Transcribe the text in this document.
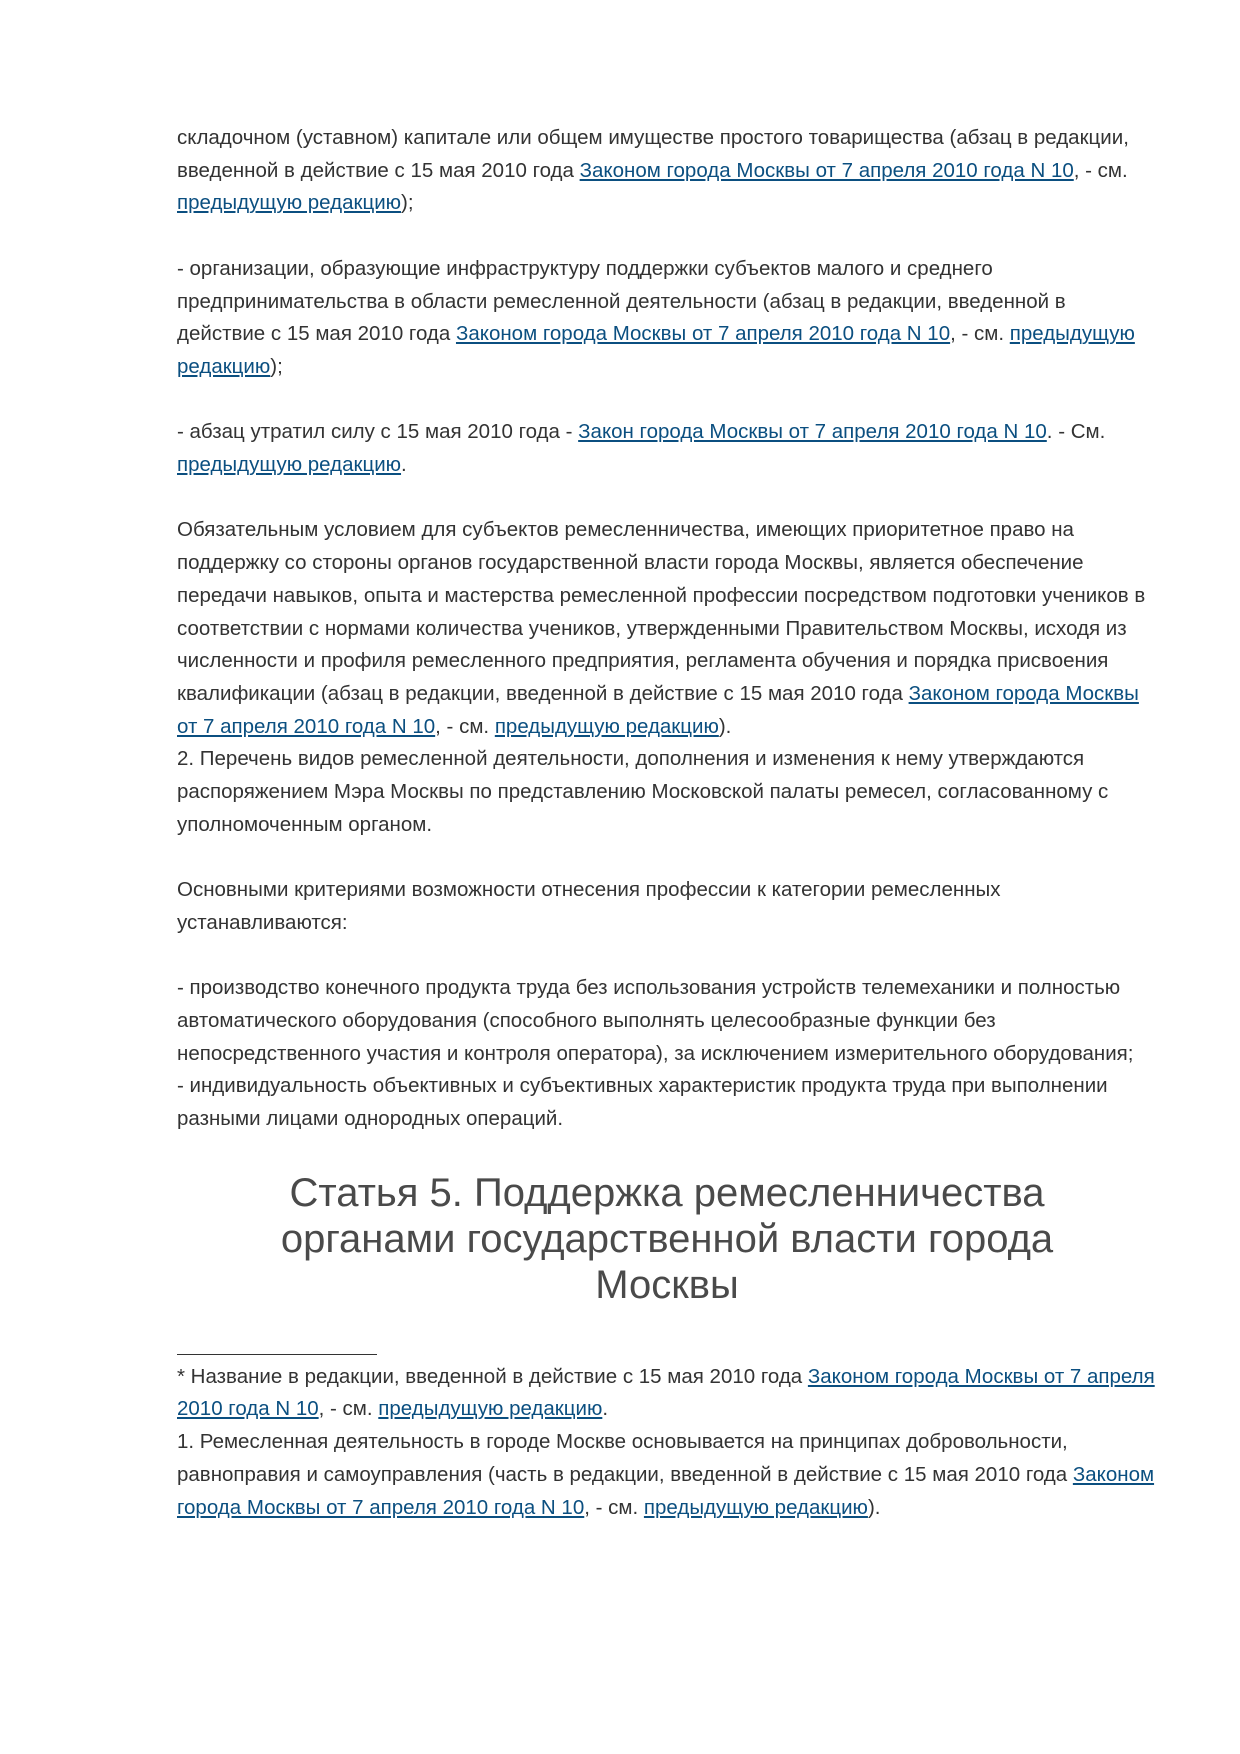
складочном (уставном) капитале или общем имуществе простого товарищества (абзац в редакции, введенной в действие с 15 мая 2010 года Законом города Москвы от 7 апреля 2010 года N 10, - см. предыдущую редакцию);

- организации, образующие инфраструктуру поддержки субъектов малого и среднего предпринимательства в области ремесленной деятельности (абзац в редакции, введенной в действие с 15 мая 2010 года Законом города Москвы от 7 апреля 2010 года N 10, - см. предыдущую редакцию);

- абзац утратил силу с 15 мая 2010 года - Закон города Москвы от 7 апреля 2010 года N 10. - См. предыдущую редакцию.

Обязательным условием для субъектов ремесленничества, имеющих приоритетное право на поддержку со стороны органов государственной власти города Москвы, является обеспечение передачи навыков, опыта и мастерства ремесленной профессии посредством подготовки учеников в соответствии с нормами количества учеников, утвержденными Правительством Москвы, исходя из численности и профиля ремесленного предприятия, регламента обучения и порядка присвоения квалификации (абзац в редакции, введенной в действие с 15 мая 2010 года Законом города Москвы от 7 апреля 2010 года N 10, - см. предыдущую редакцию).

2. Перечень видов ремесленной деятельности, дополнения и изменения к нему утверждаются распоряжением Мэра Москвы по представлению Московской палаты ремесел, согласованному с уполномоченным органом.

Основными критериями возможности отнесения профессии к категории ремесленных устанавливаются:

- производство конечного продукта труда без использования устройств телемеханики и полностью автоматического оборудования (способного выполнять целесообразные функции без непосредственного участия и контроля оператора), за исключением измерительного оборудования;

- индивидуальность объективных и субъективных характеристик продукта труда при выполнении разными лицами однородных операций.

Статья 5. Поддержка ремесленничества органами государственной власти города Москвы

* Название в редакции, введенной в действие с 15 мая 2010 года Законом города Москвы от 7 апреля 2010 года N 10, - см. предыдущую редакцию.

1. Ремесленная деятельность в городе Москве основывается на принципах добровольности, равноправия и самоуправления (часть в редакции, введенной в действие с 15 мая 2010 года Законом города Москвы от 7 апреля 2010 года N 10, - см. предыдущую редакцию).
